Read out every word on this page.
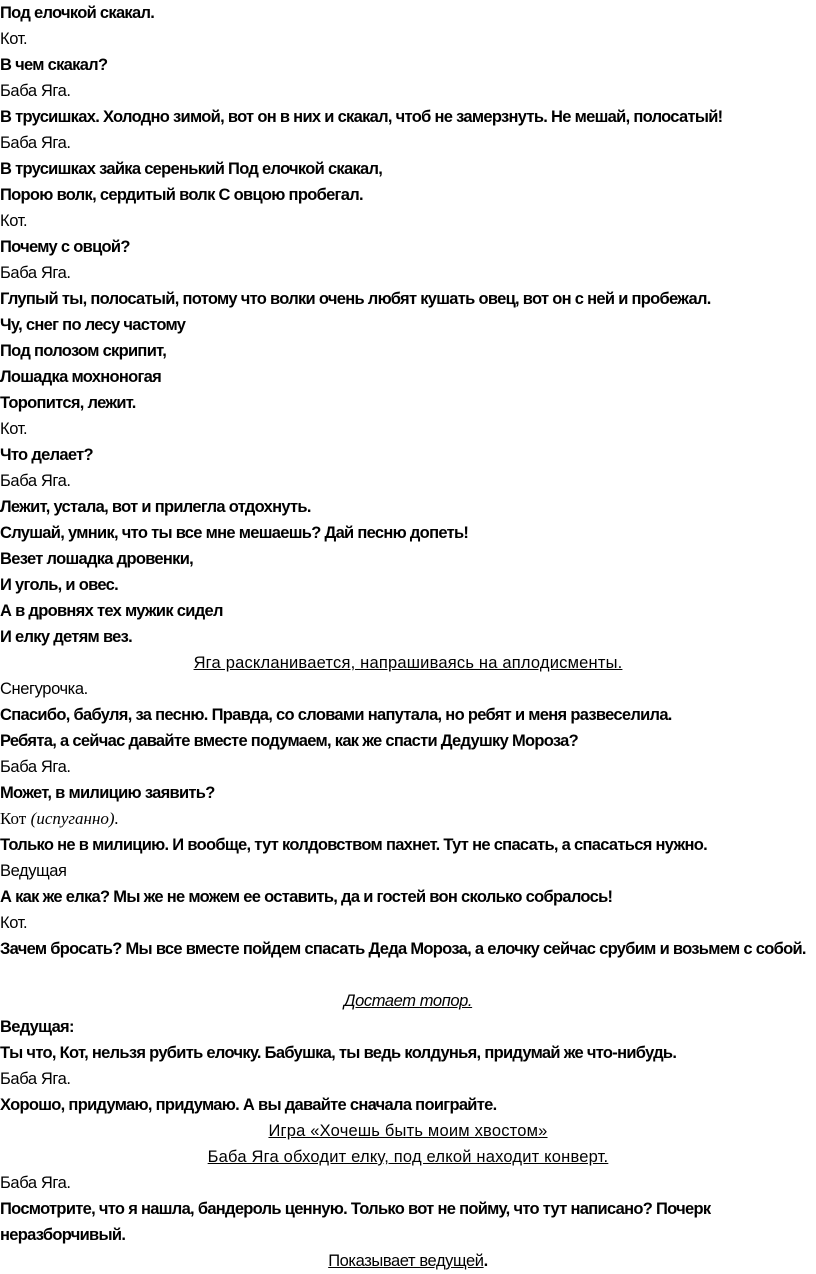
Под елочкой скакал.

Кот.

В чем скакал?

Баба Яга.

В трусишках. Холодно зимой, вот он в них и скакал, чтоб не замерзнуть. Не мешай, полосатый!

Баба Яга.

В трусишках зайка серенький Под елочкой скакал,

Порою волк, сердитый волк С овцою пробегал.

Кот.

Почему с овцой?

Баба Яга.

Глупый ты, полосатый, потому что волки очень любят кушать овец, вот он с ней и пробежал.

Чу, снег по лесу частому

Под полозом скрипит,

Лошадка мохноногая

Торопится, лежит.

Кот.

Что делает?

Баба Яга.

Лежит, устала, вот и прилегла отдохнуть.

Слушай, умник, что ты все мне мешаешь? Дай песню допеть!

Везет лошадка дровенки,

И уголь, и овес.

А в дровнях тех мужик сидел

И елку детям вез.

Яга раскланивается, напрашиваясь на аплодисменты.

Снегурочка.

Спасибо, бабуля, за песню. Правда, со словами напутала, но ребят и меня развеселила.

Ребята, а сейчас давайте вместе подумаем, как же спасти Дедушку Мороза?

Баба Яга.

Может, в милицию заявить?

Кот (испуганно).

Только не в милицию. И вообще, тут колдовством пахнет. Тут не спасать, а спасаться нужно.

Ведущая

А как же елка? Мы же не можем ее оставить, да и гостей вон сколько собралось!

Кот.

Зачем бросать? Мы все вместе пойдем спасать Деда Мороза, а елочку сейчас срубим и возьмем с собой.

Достает топор.

Ведущая:

Ты что, Кот, нельзя рубить елочку. Бабушка, ты ведь колдунья, придумай же что-нибудь.

Баба Яга.

Хорошо, придумаю, придумаю. А вы давайте сначала поиграйте.

Игра «Хочешь быть моим хвостом»

Баба Яга обходит елку, под елкой находит конверт.

Баба Яга.

Посмотрите, что я нашла, бандероль ценную. Только вот не пойму, что тут написано? Почерк неразборчивый.

Показывает ведущей.
